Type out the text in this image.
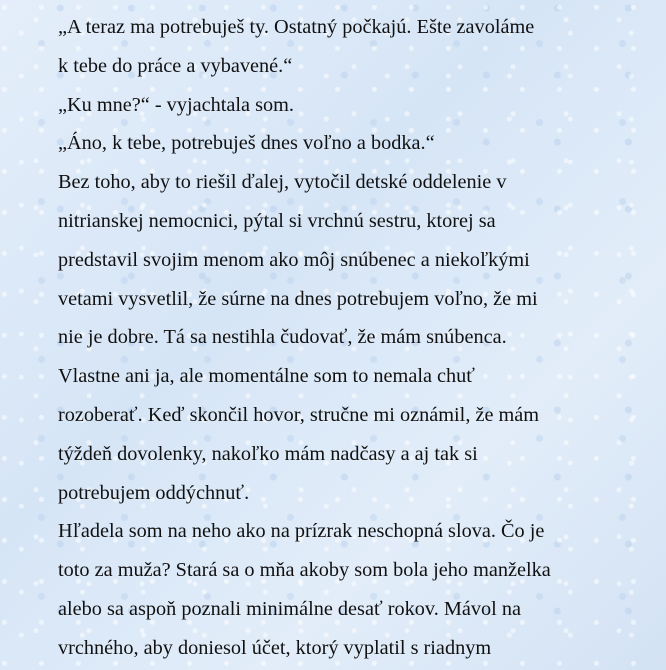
„A teraz ma potrebuješ ty. Ostatný počkajú. Ešte zavoláme
k tebe do práce a vybavené.“
„Ku mne?“ - vyjachtala som.
„Áno, k tebe, potrebuješ dnes voľno a bodka.“
Bez toho, aby to riešil ďalej, vytočil detské oddelenie v
nitrianskej nemocnici, pýtal si vrchnú sestru, ktorej sa
predstavil svojim menom ako môj snúbenec a niekoľkými
vetami vysvetlil, že súrne na dnes potrebujem voľno, že mi
nie je dobre. Tá sa nestihla čudovať, že mám snúbenca.
Vlastne ani ja, ale momentálne som to nemala chuť
rozoberať. Keď skončil hovor, stručne mi oznámil, že mám
týždeň dovolenky, nakoľko mám nadčasy a aj tak si
potrebujem oddýchnuť.
Hľadela som na neho ako na prízrak neschopná slova. Čo je
toto za muža? Stará sa o mňa akoby som bola jeho manželka
alebo sa aspoň poznali minimálne desať rokov. Mávol na
vrchného, aby doniesol účet, ktorý vyplatil s riadnym
